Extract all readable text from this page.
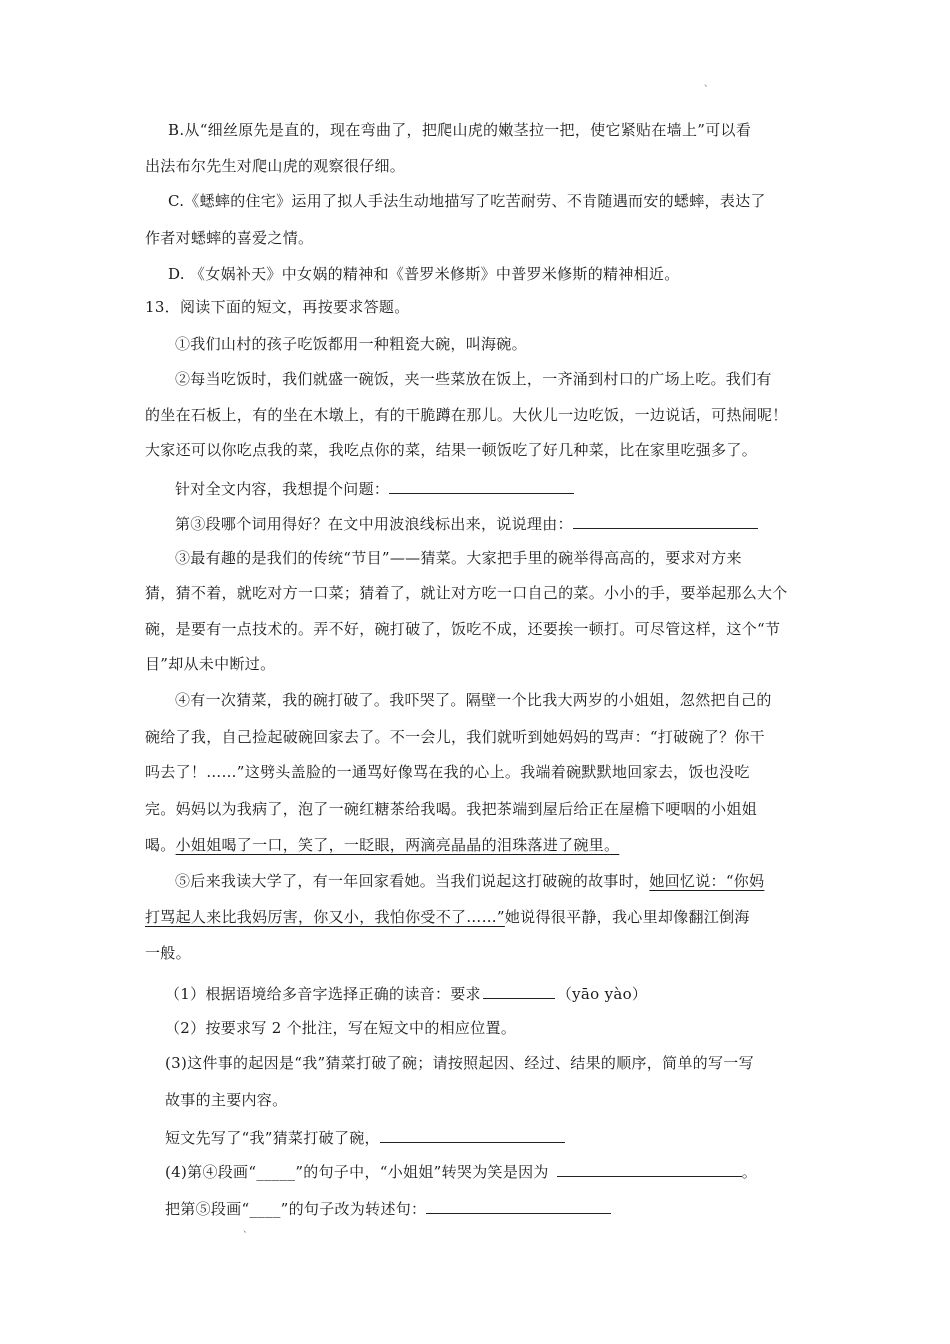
、
B.从“细丝原先是直的，现在弯曲了，把爬山虎的嫩茎拉一把，使它紧贴在墙上”可以看
出法布尔先生对爬山虎的观察很仔细。
C.《蟋蟀的住宅》运用了拟人手法生动地描写了吃苦耐劳、不肯随遇而安的蟋蟀，表达了
作者对蟋蟀的喜爱之情。
D. 《女娲补天》中女娲的精神和《普罗米修斯》中普罗米修斯的精神相近。
13．阅读下面的短文，再按要求答题。
①我们山村的孩子吃饭都用一种粗瓷大碗，叫海碗。
②每当吃饭时，我们就盛一碗饭，夹一些菜放在饭上，一齐涌到村口的广场上吃。我们有
的坐在石板上，有的坐在木墩上，有的干脆蹲在那儿。大伙儿一边吃饭，一边说话，可热闹呢！
大家还可以你吃点我的菜，我吃点你的菜，结果一顿饭吃了好几种菜，比在家里吃强多了。
针对全文内容，我想提个问题：
第③段哪个词用得好？在文中用波浪线标出来，说说理由：
③最有趣的是我们的传统“节目”——猜菜。大家把手里的碗举得高高的，要求对方来
猜，猜不着，就吃对方一口菜；猜着了，就让对方吃一口自己的菜。小小的手，要举起那么大个
碗，是要有一点技术的。弄不好，碗打破了，饭吃不成，还要挨一顿打。可尽管这样，这个“节
目”却从未中断过。
④有一次猜菜，我的碗打破了。我吓哭了。隔壁一个比我大两岁的小姐姐，忽然把自己的
碗给了我，自己捡起破碗回家去了。不一会儿，我们就听到她妈妈的骂声：“打破碗了？你干
吗去了！……”这劈头盖脸的一通骂好像骂在我的心上。我端着碗默默地回家去，饭也没吃
完。妈妈以为我病了，泡了一碗红糖茶给我喝。我把茶端到屋后给正在屋檐下哽咽的小姐姐
喝。小姐姐喝了一口，笑了，一眨眼，两滴亮晶晶的泪珠落进了碗里。
⑤后来我读大学了，有一年回家看她。当我们说起这打破碗的故事时，她回忆说：“你妈
打骂起人来比我妈厉害，你又小，我怕你受不了……”她说得很平静，我心里却像翻江倒海
一般。
（1）根据语境给多音字选择正确的读音：要求	（yāo yào）
（2）按要求写 2 个批注，写在短文中的相应位置。
(3)这件事的起因是“我”猜菜打破了碗；请按照起因、经过、结果的顺序，简单的写一写
故事的主要内容。
短文先写了“我”猜菜打破了碗，
(4)第④段画“_____”的句子中，“小姐姐”转哭为笑是因为	。
把第⑤段画“____”的句子改为转述句：
、
